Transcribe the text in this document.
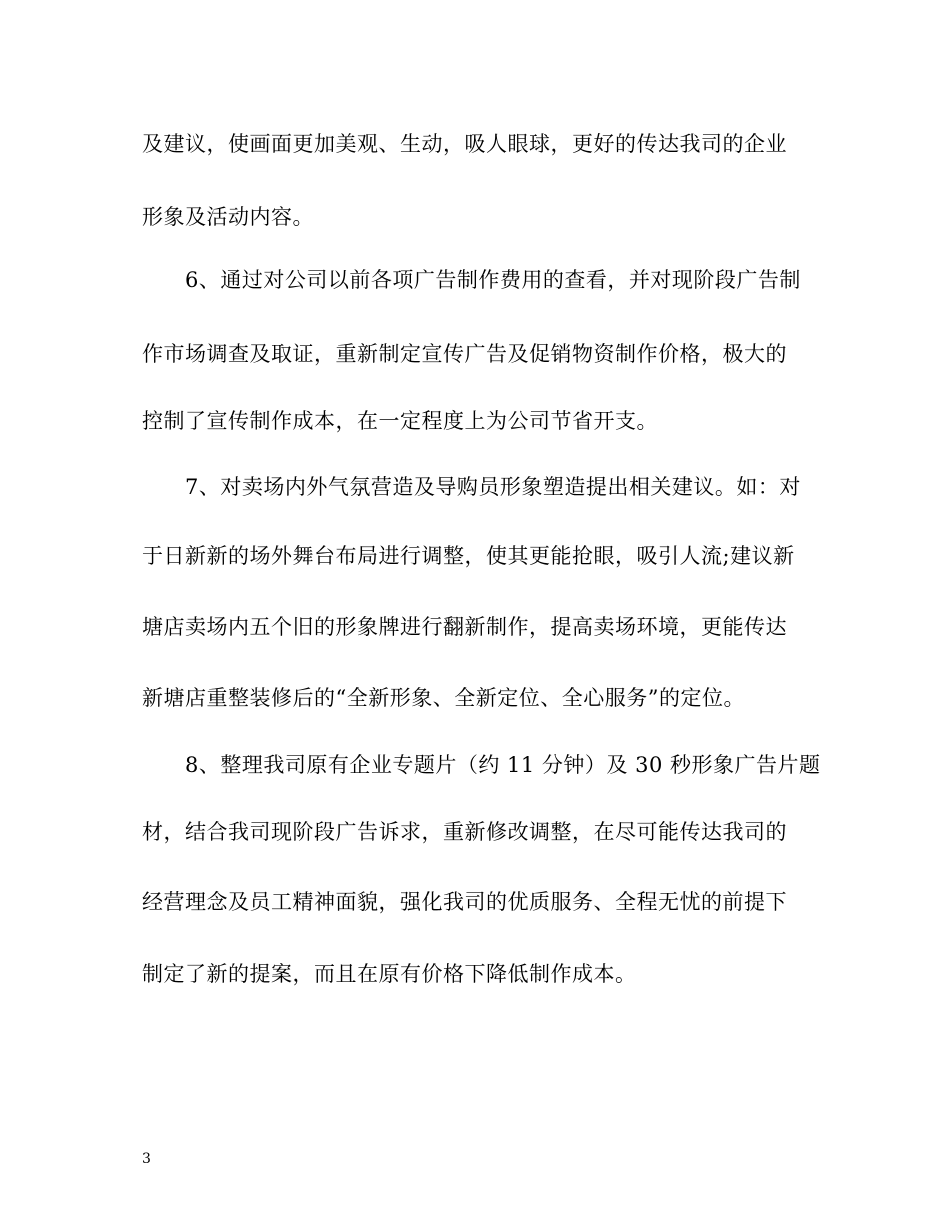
及建议，使画面更加美观、生动，吸人眼球，更好的传达我司的企业
形象及活动内容。
6、通过对公司以前各项广告制作费用的查看，并对现阶段广告制
作市场调查及取证，重新制定宣传广告及促销物资制作价格，极大的
控制了宣传制作成本，在一定程度上为公司节省开支。
7、对卖场内外气氛营造及导购员形象塑造提出相关建议。如：对
于日新新的场外舞台布局进行调整，使其更能抢眼，吸引人流;建议新
塘店卖场内五个旧的形象牌进行翻新制作，提高卖场环境，更能传达
新塘店重整装修后的“全新形象、全新定位、全心服务”的定位。
8、整理我司原有企业专题片（约 11 分钟）及 30 秒形象广告片题
材，结合我司现阶段广告诉求，重新修改调整，在尽可能传达我司的
经营理念及员工精神面貌，强化我司的优质服务、全程无忧的前提下
制定了新的提案，而且在原有价格下降低制作成本。
3
